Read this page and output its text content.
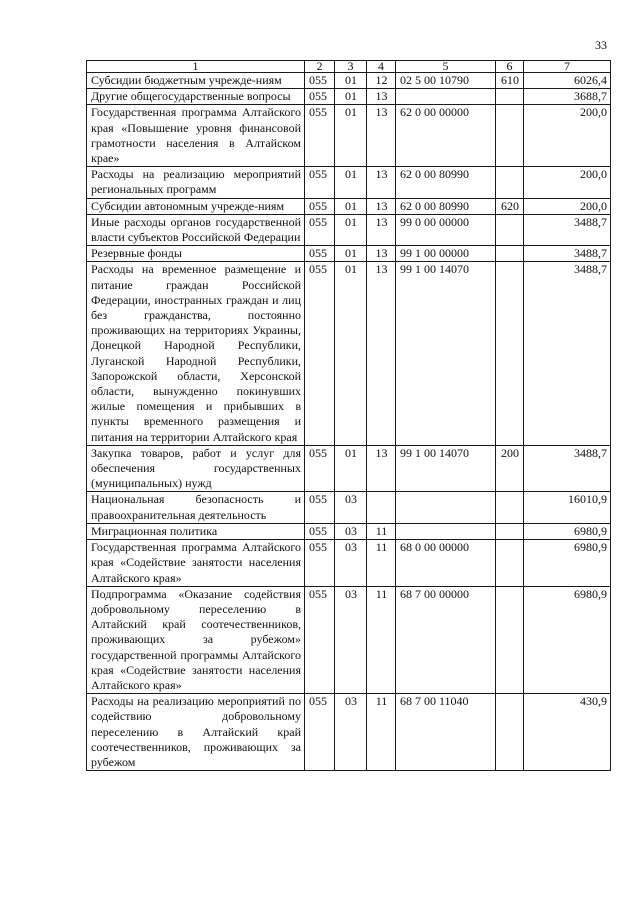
33
1	2	3	4	5	6	7
Субсидии бюджетным учрежде-ниям	055	01	12	02 5 00 10790	610	6026,4
Другие общегосударственные вопросы	055	01	13			3688,7
Государственная программа Алтайского края «Повышение уровня финансовой грамотности населения в Алтайском крае»	055	01	13	62 0 00 00000		200,0
Расходы на реализацию мероприятий региональных программ	055	01	13	62 0 00 80990		200,0
Субсидии автономным учрежде-ниям	055	01	13	62 0 00 80990	620	200,0
Иные расходы органов государственной власти субъектов Российской Федерации	055	01	13	99 0 00 00000		3488,7
Резервные фонды	055	01	13	99 1 00 00000		3488,7
Расходы на временное размещение и питание граждан Российской Федерации, иностранных граждан и лиц без гражданства, постоянно проживающих на территориях Украины, Донецкой Народной Республики, Луганской Народной Республики, Запорожской области, Херсонской области, вынужденно покинувших жилые помещения и прибывших в пункты временного размещения и питания на территории Алтайского края	055	01	13	99 1 00 14070		3488,7
Закупка товаров, работ и услуг для обеспечения государственных (муниципальных) нужд	055	01	13	99 1 00 14070	200	3488,7
Национальная безопасность и правоохранительная деятельность	055	03				16010,9
Миграционная политика	055	03	11			6980,9
Государственная программа Алтайского края «Содействие занятости населения Алтайского края»	055	03	11	68 0 00 00000		6980,9
Подпрограмма «Оказание содействия добровольному переселению в Алтайский край соотечественников, проживающих за рубежом» государственной программы Алтайского края «Содействие занятости населения Алтайского края»	055	03	11	68 7 00 00000		6980,9
Расходы на реализацию мероприятий по содействию добровольному переселению в Алтайский край соотечественников, проживающих за рубежом	055	03	11	68 7 00 11040		430,9
